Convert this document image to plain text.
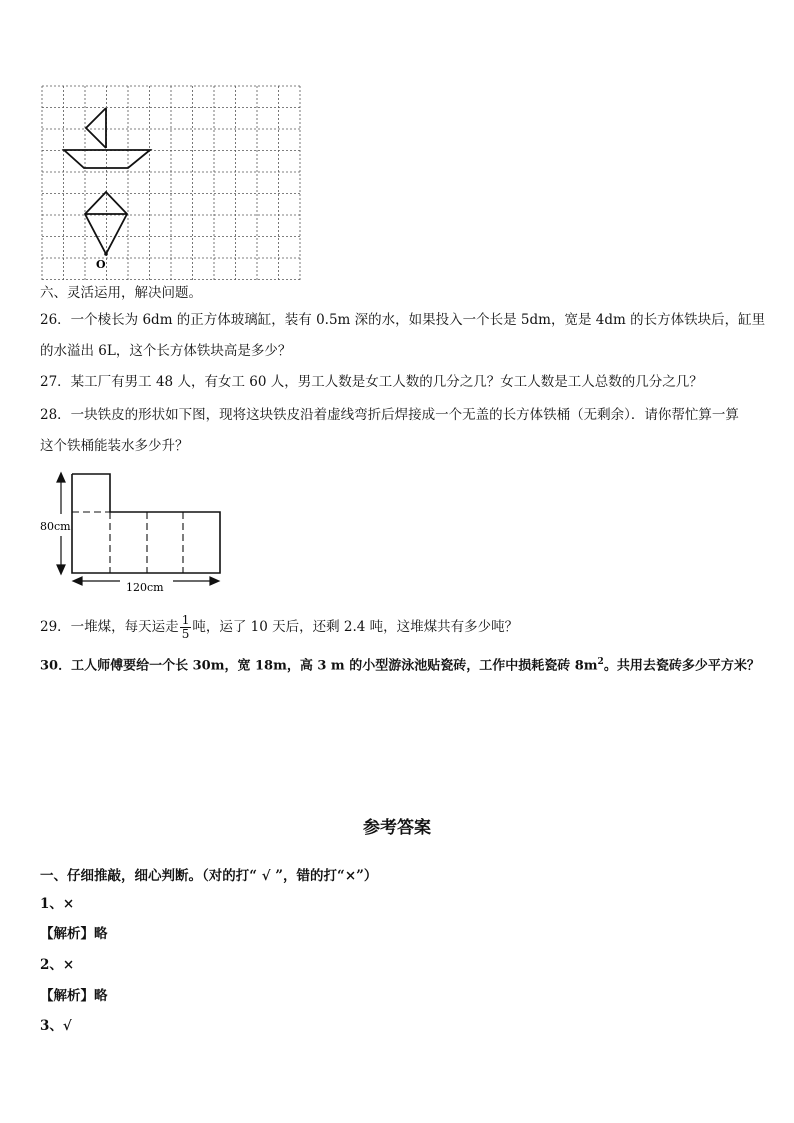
O
六、灵活运用，解决问题。
26．一个棱长为 6dm 的正方体玻璃缸，装有 0.5m 深的水，如果投入一个长是 5dm，宽是 4dm 的长方体铁块后，缸里
的水溢出 6L，这个长方体铁块高是多少？
27．某工厂有男工 48 人，有女工 60 人，男工人数是女工人数的几分之几？女工人数是工人总数的几分之几？
28．一块铁皮的形状如下图，现将这块铁皮沿着虚线弯折后焊接成一个无盖的长方体铁桶（无剩余）．请你帮忙算一算
这个铁桶能装水多少升？
80cm
120cm
29．一堆煤，每天运走 $\frac{1}{5}$ 吨，运了 10 天后，还剩 2.4 吨，这堆煤共有多少吨？
30．工人师傅要给一个长 30m，宽 18m，高 3 m 的小型游泳池贴瓷砖，工作中损耗瓷砖 $8m^2$。共用去瓷砖多少平方米？
参考答案
一、仔细推敲，细心判断。（对的打“ √ ”，错的打“×”）
1、×
【解析】略
2、×
【解析】略
3、√
